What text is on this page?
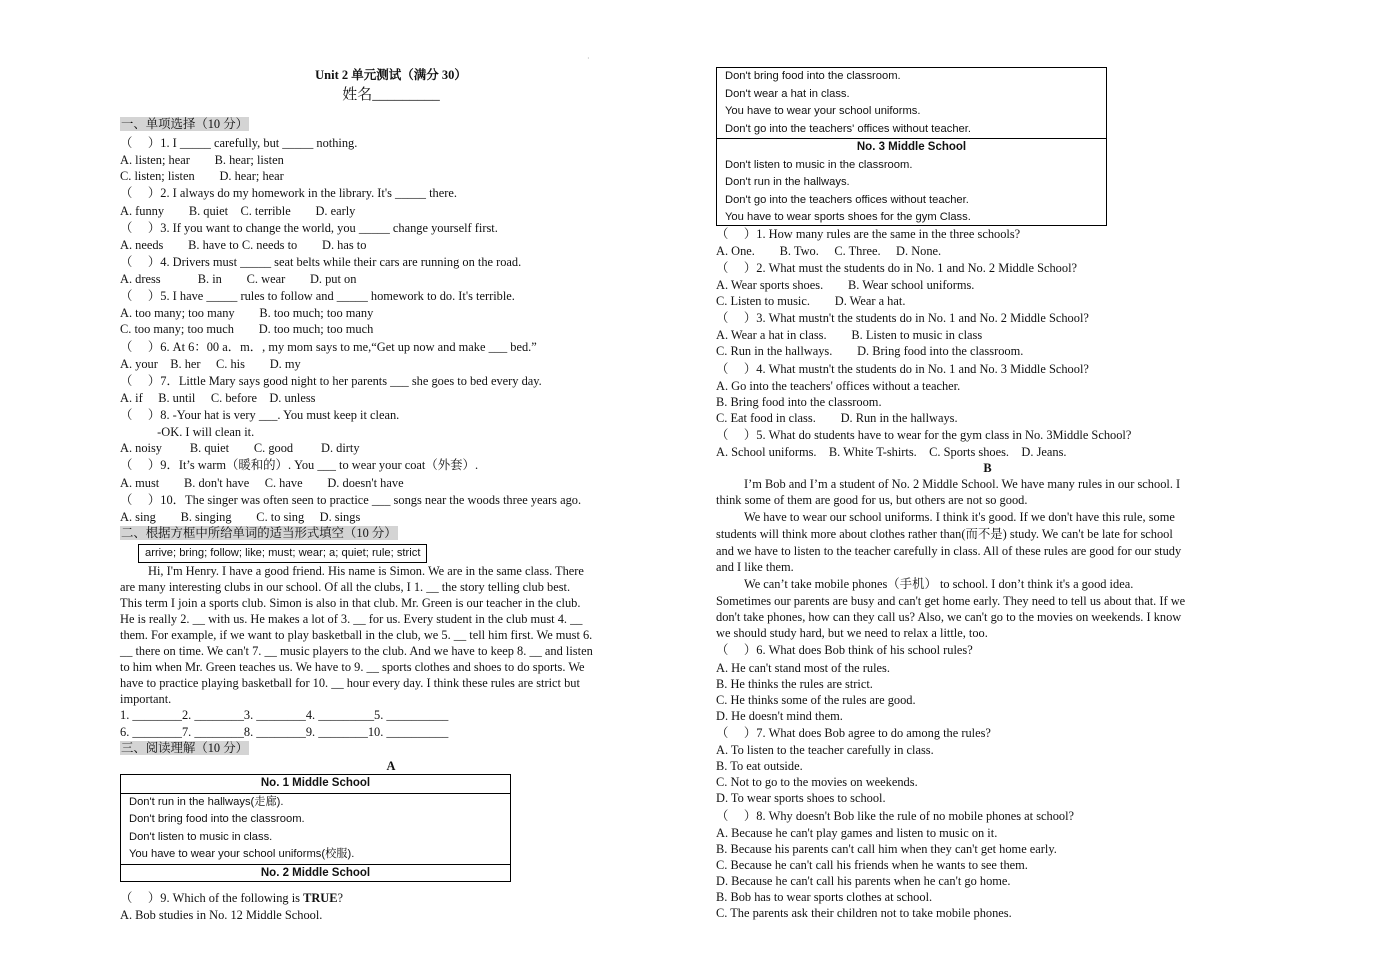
·
Unit 2 单元测试（满分 30）
姓名_________
一、单项选择（10 分）
（　 ）1. I _____ carefully, but _____ nothing.
A. listen; hear　　B. hear; listen
C. listen; listen　　D. hear; hear
（　 ）2. I always do my homework in the library. It's _____ there.
A. funny　　B. quiet　C. terrible　　D. early
（　 ）3. If you want to change the world, you _____ change yourself first.
A. needs　　B. have to C. needs to　　D. has to
（　 ）4. Drivers must _____ seat belts while their cars are running on the road.
A. dress　　　B. in　　C. wear　　D. put on
（　 ）5. I have _____ rules to follow and _____ homework to do. It's terrible.
A. too many; too many　　B. too much; too many
C. too many; too much　　D. too much; too much
（　 ）6. At 6：00 a．m．, my mom says to me,“Get up now and make ___ bed.”
A. your　B. her　 C. his　　D. my
（　 ）7．Little Mary says good night to her parents ___ she goes to bed every day.
A. if　 B. until　 C. before　D. unless
（　 ）8. -Your hat is very ___. You must keep it clean.
　　　-OK. I will clean it.
A. noisy　　 B. quiet　　C. good　　 D. dirty
（　 ）9．It’s warm（暖和的）. You ___ to wear your coat（外套）.
A. must　　B. don't have　 C. have　　D. doesn't have
（　 ）10．The singer was often seen to practice ___ songs near the woods three years ago.
A. sing　　B. singing　　C. to sing　 D. sings
二、根据方框中所给单词的适当形式填空（10 分）
arrive; bring; follow; like; must; wear; a; quiet; rule; strict
Hi, I'm Henry. I have a good friend. His name is Simon. We are in the same class. There
are many interesting clubs in our school. Of all the clubs, I 1. __ the story telling club best.
This term I join a sports club. Simon is also in that club. Mr. Green is our teacher in the club.
He is really 2. __ with us. He makes a lot of 3. __ for us. Every student in the club must 4. __
them. For example, if we want to play basketball in the club, we 5. __ tell him first. We must 6.
__ there on time. We can't 7. __ music players to the club. And we have to keep 8. __ and listen
to him when Mr. Green teaches us. We have to 9. __ sports clothes and shoes to do sports. We
have to practice playing basketball for 10. __ hour every day. I think these rules are strict but
important.
1. ________2. ________3. ________4. _________5. __________
6. ________7. ________8. ________9. ________10. __________
三、阅读理解（10 分）
A
No. 1 Middle School
Don't run in the hallways(走廊).
Don't bring food into the classroom.
Don't listen to music in class.
You have to wear your school uniforms(校服).
No. 2 Middle School
（　 ）9. Which of the following is TRUE?
A. Bob studies in No. 12 Middle School.
Don't bring food into the classroom.
Don't wear a hat in class.
You have to wear your school uniforms.
Don't go into the teachers' offices without teacher.
No. 3 Middle School
Don't listen to music in the classroom.
Don't run in the hallways.
Don't go into the teachers offices without teacher.
You have to wear sports shoes for the gym Class.
（　 ）1. How many rules are the same in the three schools?
A. One.　　B. Two.　 C. Three.　 D. None.
（　 ）2. What must the students do in No. 1 and No. 2 Middle School?
A. Wear sports shoes.　　B. Wear school uniforms.
C. Listen to music.　　D. Wear a hat.
（　 ）3. What mustn't the students do in No. 1 and No. 2 Middle School?
A. Wear a hat in class.　　B. Listen to music in class
C. Run in the hallways.　　D. Bring food into the classroom.
（　 ）4. What mustn't the students do in No. 1 and No. 3 Middle School?
A. Go into the teachers' offices without a teacher.
B. Bring food into the classroom.
C. Eat food in class.　　D. Run in the hallways.
（　 ）5. What do students have to wear for the gym class in No. 3Middle School?
A. School uniforms.　B. White T-shirts.　C. Sports shoes.　D. Jeans.
B
I’m Bob and I’m a student of No. 2 Middle School. We have many rules in our school. I
think some of them are good for us, but others are not so good.
We have to wear our school uniforms. I think it's good. If we don't have this rule, some
students will think more about clothes rather than(而不是) study. We can't be late for school
and we have to listen to the teacher carefully in class. All of these rules are good for our study
and I like them.
We can’t take mobile phones（手机） to school. I don’t think it's a good idea.
Sometimes our parents are busy and can't get home early. They need to tell us about that. If we
don't take phones, how can they call us? Also, we can't go to the movies on weekends. I know
we should study hard, but we need to relax a little, too.
（　 ）6. What does Bob think of his school rules?
A. He can't stand most of the rules.
B. He thinks the rules are strict.
C. He thinks some of the rules are good.
D. He doesn't mind them.
（　 ）7. What does Bob agree to do among the rules?
A. To listen to the teacher carefully in class.
B. To eat outside.
C. Not to go to the movies on weekends.
D. To wear sports shoes to school.
（　 ）8. Why doesn't Bob like the rule of no mobile phones at school?
A. Because he can't play games and listen to music on it.
B. Because his parents can't call him when they can't get home early.
C. Because he can't call his friends when he wants to see them.
D. Because he can't call his parents when he can't go home.
B. Bob has to wear sports clothes at school.
C. The parents ask their children not to take mobile phones.
